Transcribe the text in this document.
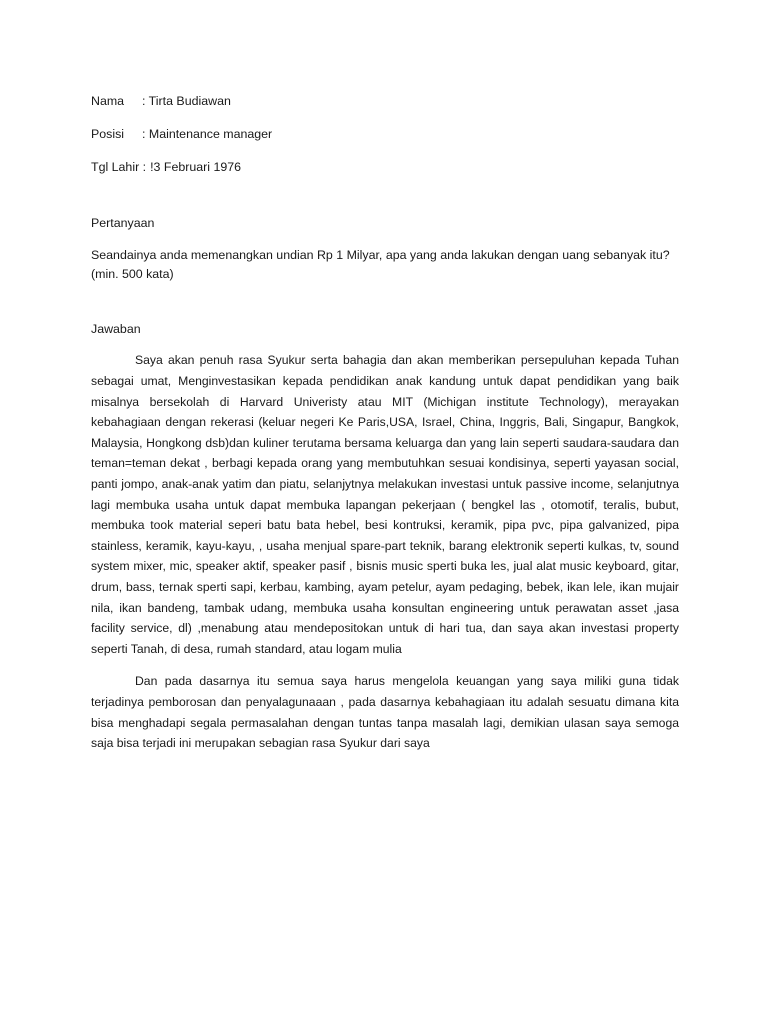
Nama	: Tirta Budiawan
Posisi	: Maintenance manager
Tgl Lahir : !3 Februari 1976

Pertanyaan

Seandainya anda memenangkan undian Rp 1 Milyar, apa yang anda lakukan dengan uang sebanyak itu?
(min. 500 kata)

Jawaban

Saya akan penuh rasa Syukur serta bahagia dan akan memberikan persepuluhan kepada Tuhan sebagai umat, Menginvestasikan kepada pendidikan anak kandung untuk dapat pendidikan yang baik misalnya bersekolah di Harvard Univeristy atau MIT (Michigan institute Technology), merayakan kebahagiaan dengan rekerasi (keluar negeri Ke Paris,USA, Israel, China, Inggris, Bali, Singapur, Bangkok, Malaysia, Hongkong dsb)dan kuliner terutama bersama keluarga dan yang lain seperti saudara-saudara dan teman=teman dekat , berbagi kepada orang yang membutuhkan sesuai kondisinya, seperti yayasan social, panti jompo, anak-anak yatim dan piatu, selanjytnya melakukan investasi untuk passive income, selanjutnya lagi membuka usaha untuk dapat membuka lapangan pekerjaan ( bengkel las , otomotif, teralis, bubut, membuka took material seperi batu bata hebel, besi kontruksi, keramik, pipa pvc, pipa galvanized, pipa stainless, keramik, kayu-kayu, , usaha menjual spare-part teknik, barang elektronik seperti kulkas, tv, sound system mixer, mic, speaker aktif, speaker pasif , bisnis music sperti buka les, jual alat music keyboard, gitar, drum, bass, ternak sperti sapi, kerbau, kambing, ayam petelur, ayam pedaging, bebek, ikan lele, ikan mujair nila, ikan bandeng, tambak udang, membuka usaha konsultan engineering untuk perawatan asset ,jasa facility service, dl) ,menabung atau mendepositokan untuk di hari tua, dan saya akan investasi property seperti Tanah, di desa, rumah standard, atau logam mulia

Dan pada dasarnya itu semua saya harus mengelola keuangan yang saya miliki guna tidak terjadinya pemborosan dan penyalagunaaan , pada dasarnya kebahagiaan itu adalah sesuatu dimana kita bisa menghadapi segala permasalahan dengan tuntas tanpa masalah lagi, demikian ulasan saya semoga saja bisa terjadi ini merupakan sebagian rasa Syukur dari saya
